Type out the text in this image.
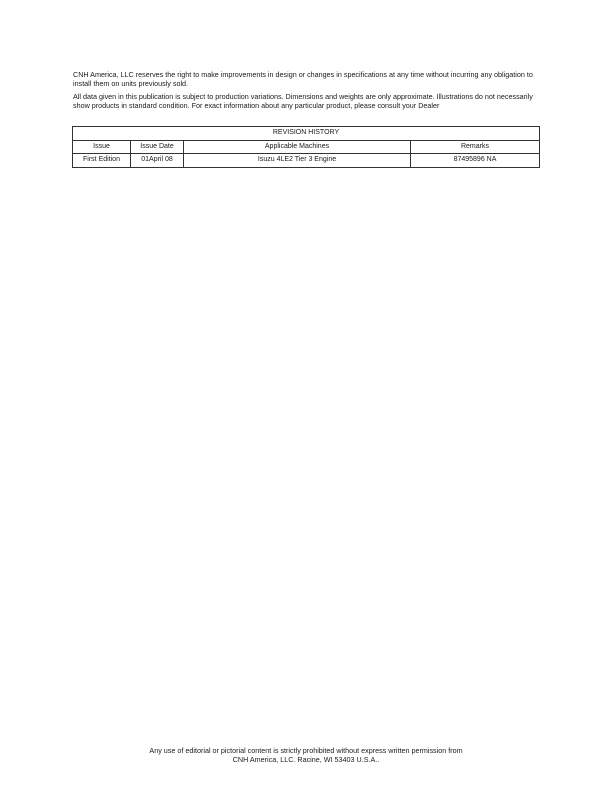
CNH America, LLC reserves the right to make improvements in design or changes in specifications at any time without incurring any obligation to install them on units previously sold.

All data given in this publication is subject to production variations. Dimensions and weights are only approximate. Illustrations do not necessarily show products in standard condition. For exact information about any particular product, please consult your Dealer

REVISION HISTORY			
Issue	Issue Date	Applicable Machines	Remarks
First Edition	01April 08	Isuzu 4LE2 Tier 3 Engine	87495896 NA
Any use of editorial or pictorial content is strictly prohibited without express written permission from
CNH America, LLC. Racine, WI 53403 U.S.A..
